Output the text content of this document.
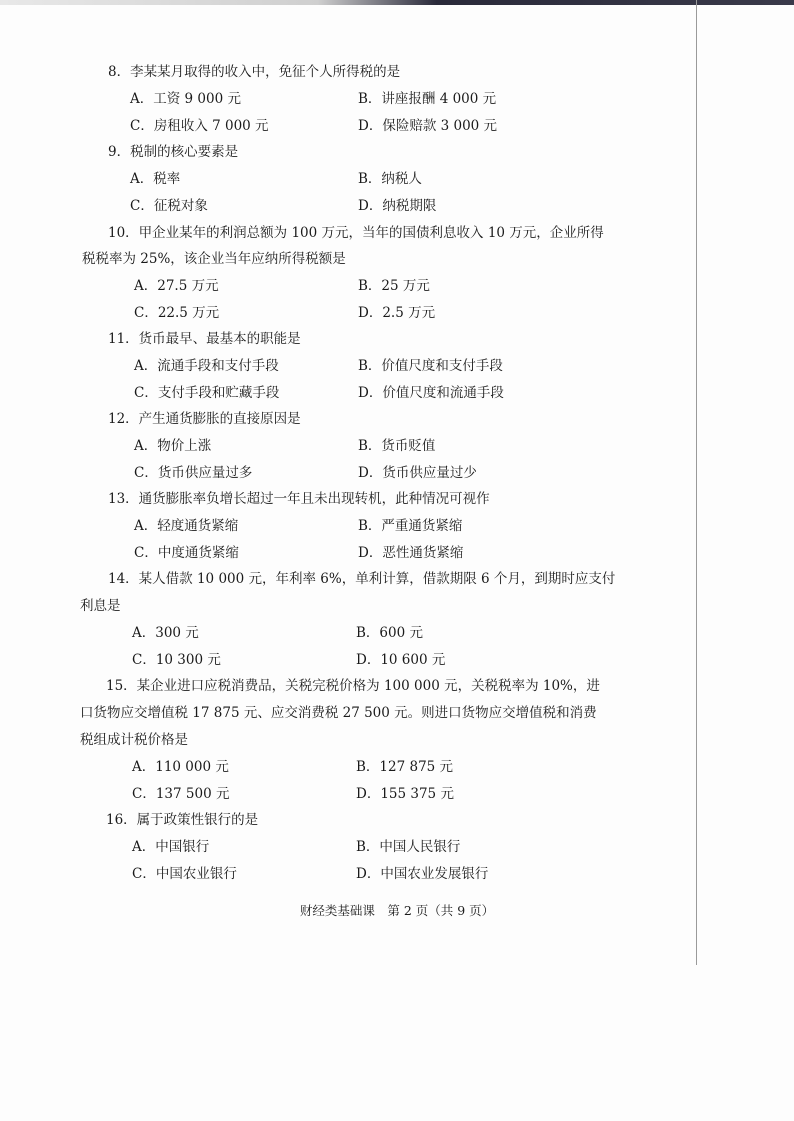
8．李某某月取得的收入中，免征个人所得税的是
A．工资 9 000 元	B．讲座报酬 4 000 元
C．房租收入 7 000 元	D．保险赔款 3 000 元
9．税制的核心要素是
A．税率	B．纳税人
C．征税对象	D．纳税期限
10．甲企业某年的利润总额为 100 万元，当年的国债利息收入 10 万元，企业所得
税税率为 25%，该企业当年应纳所得税额是
A．27.5 万元	B．25 万元
C．22.5 万元	D．2.5 万元
11．货币最早、最基本的职能是
A．流通手段和支付手段	B．价值尺度和支付手段
C．支付手段和贮藏手段	D．价值尺度和流通手段
12．产生通货膨胀的直接原因是
A．物价上涨	B．货币贬值
C．货币供应量过多	D．货币供应量过少
13．通货膨胀率负增长超过一年且未出现转机，此种情况可视作
A．轻度通货紧缩	B．严重通货紧缩
C．中度通货紧缩	D．恶性通货紧缩
14．某人借款 10 000 元，年利率 6%，单利计算，借款期限 6 个月，到期时应支付
利息是
A．300 元	B．600 元
C．10 300 元	D．10 600 元
15．某企业进口应税消费品，关税完税价格为 100 000 元，关税税率为 10%，进
口货物应交增值税 17 875 元、应交消费税 27 500 元。则进口货物应交增值税和消费
税组成计税价格是
A．110 000 元	B．127 875 元
C．137 500 元	D．155 375 元
16．属于政策性银行的是
A．中国银行	B．中国人民银行
C．中国农业银行	D．中国农业发展银行
财经类基础课　第 2 页（共 9 页）
